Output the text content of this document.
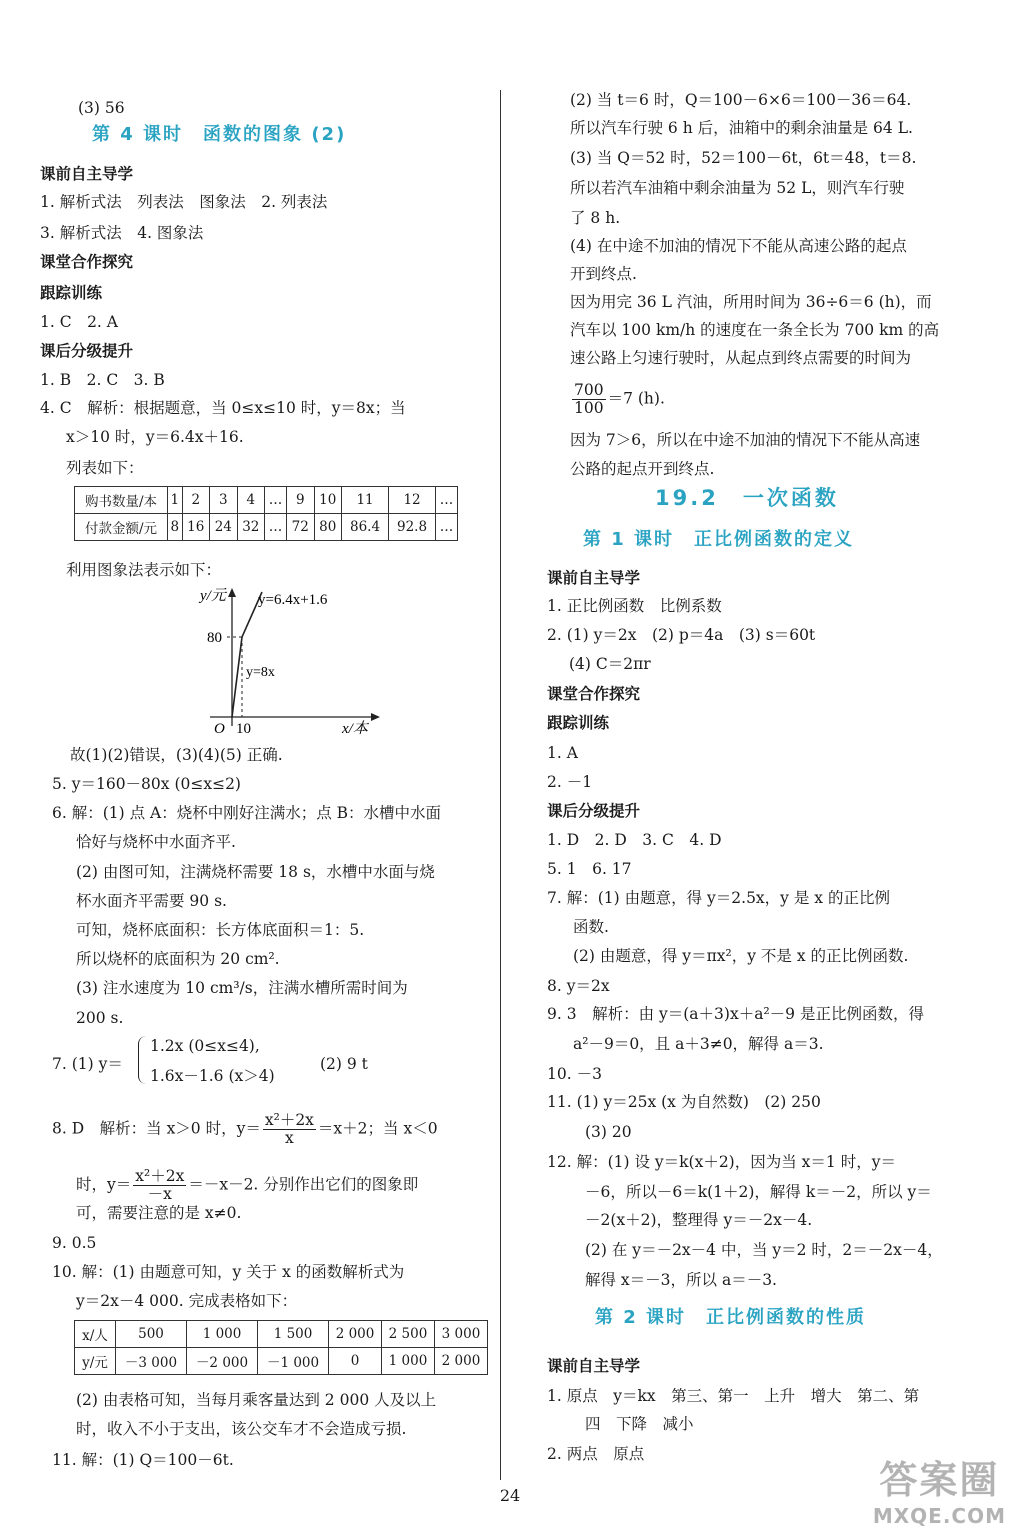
(3) 56
第 4 课时　函数的图象 (2)
课前自主导学
1. 解析式法　列表法　图象法　2. 列表法
3. 解析式法　4. 图象法
课堂合作探究
跟踪训练
1. C　2. A
课后分级提升
1. B　2. C　3. B
4. C　解析：根据题意，当 0≤x≤10 时，y＝8x；当
x＞10 时，y＝6.4x＋16.
列表如下：
购书数量/本	1	2	3	4	…	9	10	11	12	…
付款金额/元	8	16	24	32	…	72	80	86.4	92.8	…
利用图象法表示如下：
y/元 y=6.4x+1.6
80
y=8x
O 10	x/本
故(1)(2)错误，(3)(4)(5) 正确.
5. y＝160－80x (0≤x≤2)
6. 解：(1) 点 A：烧杯中刚好注满水；点 B：水槽中水面
恰好与烧杯中水面齐平.
(2) 由图可知，注满烧杯需要 18 s，水槽中水面与烧
杯水面齐平需要 90 s.
可知，烧杯底面积：长方体底面积＝1：5.
所以烧杯的底面积为 20 cm².
(3) 注水速度为 10 cm³/s，注满水槽所需时间为
200 s.
7. (1) y＝
1.2x (0≤x≤4),
1.6x－1.6 (x＞4)
(2) 9 t
8. D　解析：当 x＞0 时，$y= \frac{\text{x²＋2x}}{x} =x+2$；当 x＜0
时，$y= \frac{\text{x²＋2x}}{-x} =-x-2$. 分别作出它们的图象即
可，需要注意的是 x≠0.
9. 0.5
10. 解：(1) 由题意可知，y 关于 x 的函数解析式为
y＝2x－4 000. 完成表格如下：
x/人	500	1 000	1 500	2 000	2 500	3 000
y/元	－3 000	－2 000	－1 000	0	1 000	2 000
(2) 由表格可知，当每月乘客量达到 2 000 人及以上
时，收入不小于支出，该公交车才不会造成亏损.
11. 解：(1) Q＝100－6t.
(2) 当 t＝6 时，Q＝100－6×6＝100－36＝64.
所以汽车行驶 6 h 后，油箱中的剩余油量是 64 L.
(3) 当 Q＝52 时，52＝100－6t，6t＝48，t＝8.
所以若汽车油箱中剩余油量为 52 L，则汽车行驶
了 8 h.
(4) 在中途不加油的情况下不能从高速公路的起点
开到终点.
因为用完 36 L 汽油，所用时间为 36÷6＝6 (h)，而
汽车以 100 km/h 的速度在一条全长为 700 km 的高
速公路上匀速行驶时，从起点到终点需要的时间为
$\frac{700}{100} =7$ (h).
因为 7＞6，所以在中途不加油的情况下不能从高速
公路的起点开到终点.
19.2　一次函数
第 1 课时　正比例函数的定义
课前自主导学
1. 正比例函数　比例系数
2. (1) y＝2x　(2) p＝4a　(3) s＝60t
(4) C＝2πr
课堂合作探究
跟踪训练
1. A
2. －1
课后分级提升
1. D　2. D　3. C　4. D
5. 1　6. 17
7. 解：(1) 由题意，得 y＝2.5x，y 是 x 的正比例
函数.
(2) 由题意，得 y＝πx²，y 不是 x 的正比例函数.
8. y＝2x
9. 3　解析：由 y＝(a＋3)x＋a²－9 是正比例函数，得
a²－9＝0，且 a＋3≠0，解得 a＝3.
10. －3
11. (1) y＝25x (x 为自然数)　(2) 250
(3) 20
12. 解：(1) 设 y＝k(x＋2)，因为当 x＝1 时，y＝
－6，所以－6＝k(1＋2)，解得 k＝－2，所以 y＝
－2(x＋2)，整理得 y＝－2x－4.
(2) 在 y＝－2x－4 中，当 y＝2 时，2＝－2x－4，
解得 x＝－3，所以 a＝－3.
第 2 课时　正比例函数的性质
课前自主导学
1. 原点　y＝kx　第三、第一　上升　增大　第二、第
四　下降　减小
2. 两点　原点
24	答案圈
MXQE.COM
